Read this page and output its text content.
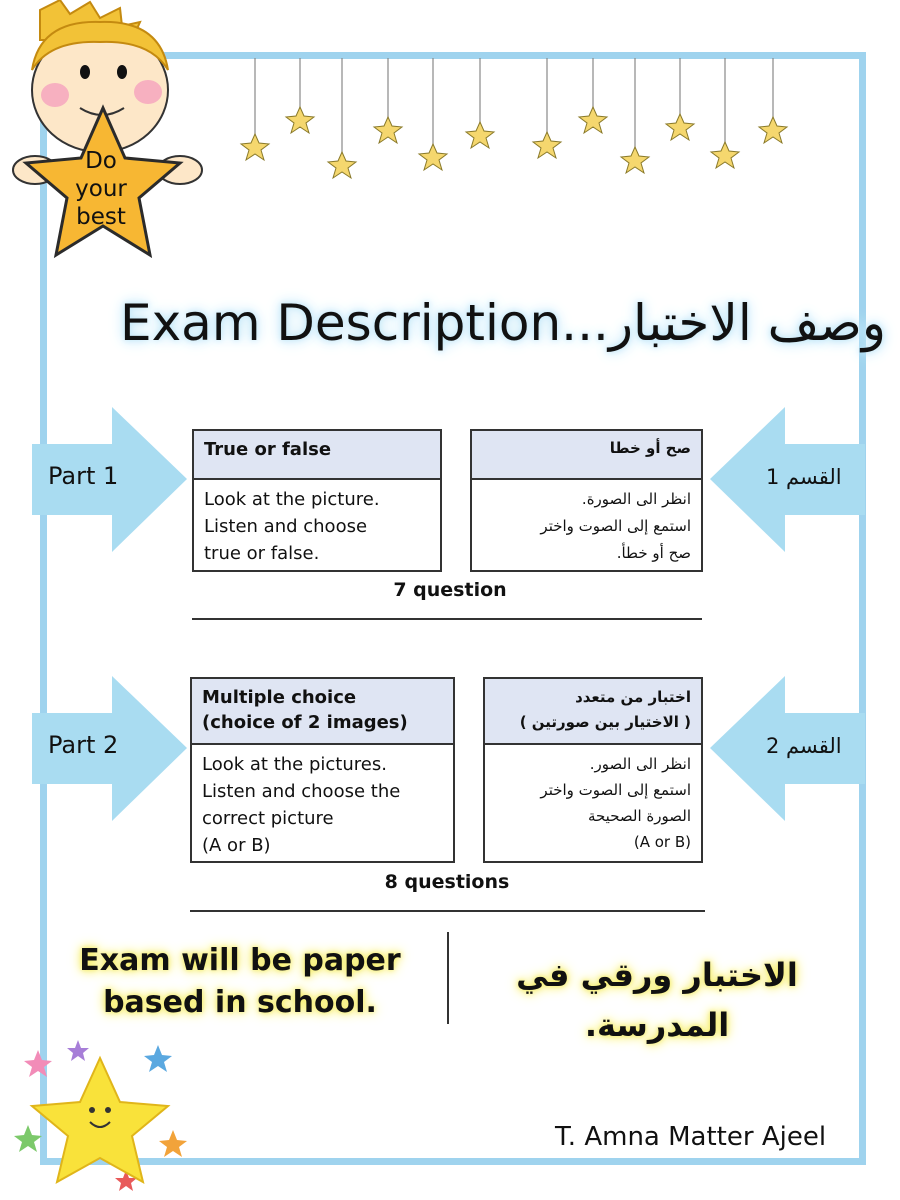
Do
your
best
Exam Description...وصف الاختبار
Part 1	القسم 1
True or false
Look at the picture.
Listen and choose
true or false.
صح أو خطا
انظر الى الصورة.
استمع إلى الصوت واختر
صح أو خطأ.
7 question
Part 2	القسم 2
Multiple choice
(choice of 2 images)
Look at the pictures.
Listen and choose the
correct picture
(A or B)
اختبار من متعدد
( الاختيار بين صورتين )
انظر الى الصور.
استمع إلى الصوت واختر
الصورة الصحيحة
(A or B)
8 questions
Exam will be paper
based in school.
الاختبار ورقي في المدرسة.
T. Amna Matter Ajeel
